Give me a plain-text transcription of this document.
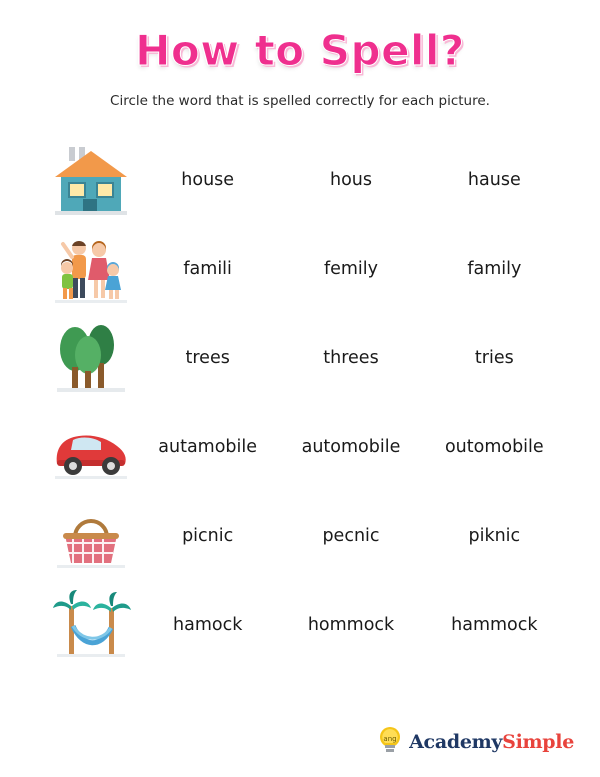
How to Spell?

Circle the word that is spelled correctly for each picture.

house	hous	hause
famili	femily	family
trees	threes	tries
autamobile	automobile	outomobile
picnic	pecnic	piknic
hamock	hommock	hammock
ang AcademySimple
